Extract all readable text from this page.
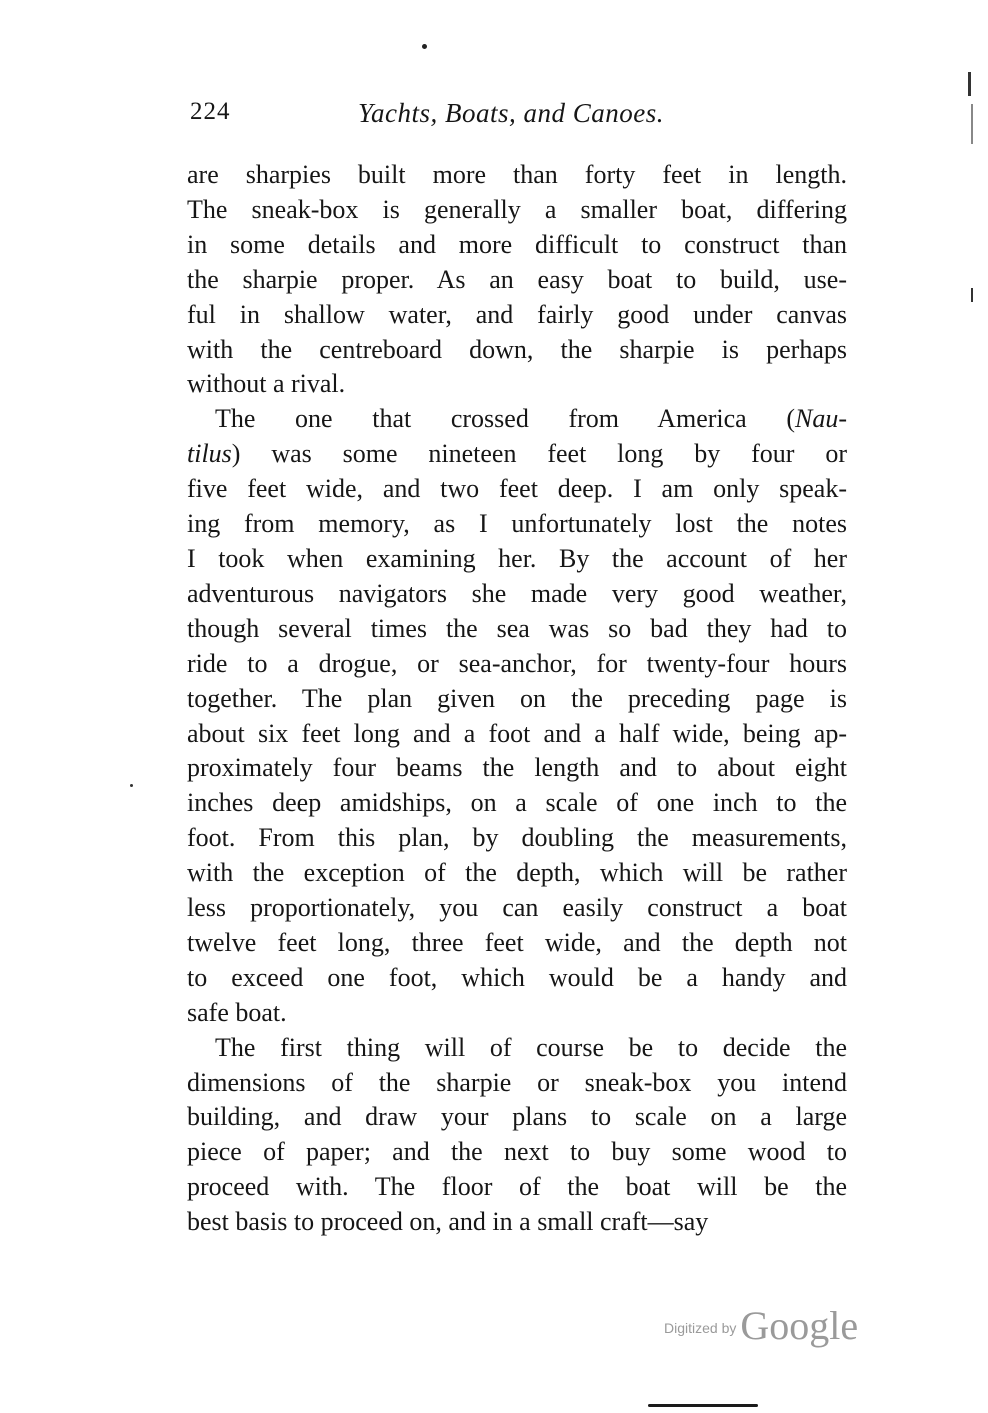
224	Yachts, Boats, and Canoes.
are sharpies built more than forty feet in length.
The sneak-box is generally a smaller boat, differing
in some details and more difficult to construct than
the sharpie proper. As an easy boat to build, use-
ful in shallow water, and fairly good under canvas
with the centreboard down, the sharpie is perhaps
without a rival.
The one that crossed from America (Nau-
tilus) was some nineteen feet long by four or
five feet wide, and two feet deep. I am only speak-
ing from memory, as I unfortunately lost the notes
I took when examining her. By the account of her
adventurous navigators she made very good weather,
though several times the sea was so bad they had to
ride to a drogue, or sea-anchor, for twenty-four hours
together. The plan given on the preceding page is
about six feet long and a foot and a half wide, being ap-
proximately four beams the length and to about eight
inches deep amidships, on a scale of one inch to the
foot. From this plan, by doubling the measurements,
with the exception of the depth, which will be rather
less proportionately, you can easily construct a boat
twelve feet long, three feet wide, and the depth not
to exceed one foot, which would be a handy and
safe boat.
The first thing will of course be to decide the
dimensions of the sharpie or sneak-box you intend
building, and draw your plans to scale on a large
piece of paper; and the next to buy some wood to
proceed with. The floor of the boat will be the
best basis to proceed on, and in a small craft—say
Digitized by Google
